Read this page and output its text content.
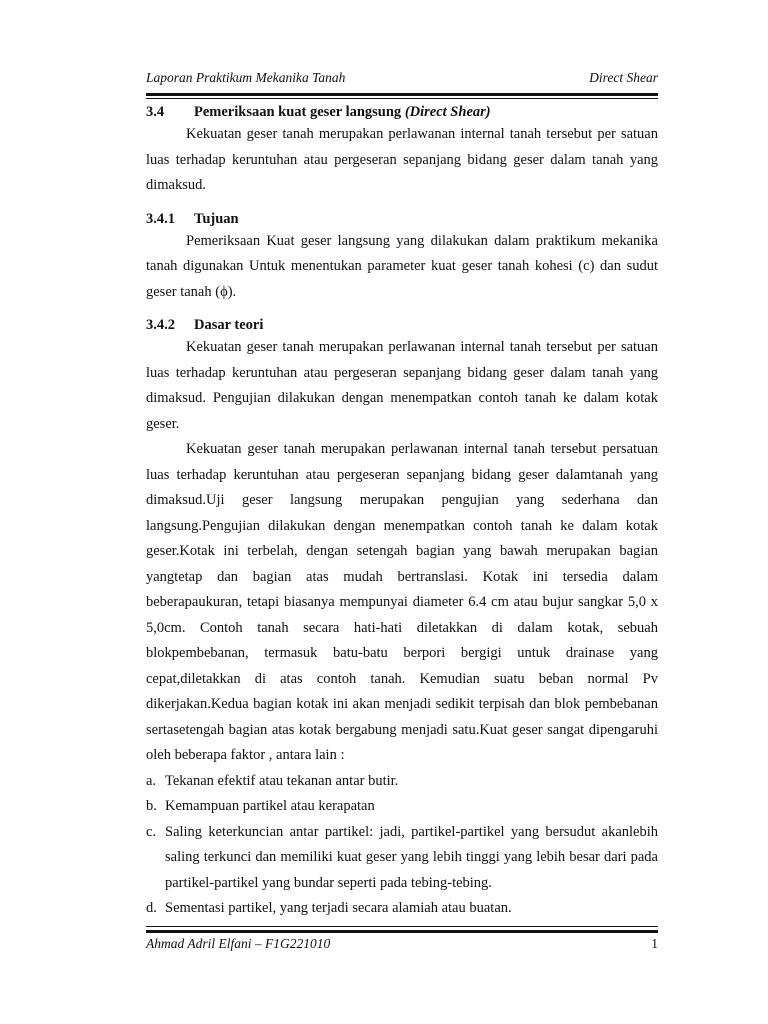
Laporan Praktikum Mekanika Tanah	Direct Shear
3.4 Pemeriksaan kuat geser langsung (Direct Shear)

Kekuatan geser tanah merupakan perlawanan internal tanah tersebut per satuan luas terhadap keruntuhan atau pergeseran sepanjang bidang geser dalam tanah yang dimaksud.

3.4.1 Tujuan

Pemeriksaan Kuat geser langsung yang dilakukan dalam praktikum mekanika tanah digunakan Untuk menentukan parameter kuat geser tanah kohesi (c) dan sudut geser tanah (ϕ).

3.4.2 Dasar teori

Kekuatan geser tanah merupakan perlawanan internal tanah tersebut per satuan luas terhadap keruntuhan atau pergeseran sepanjang bidang geser dalam tanah yang dimaksud. Pengujian dilakukan dengan menempatkan contoh tanah ke dalam kotak geser.

Kekuatan geser tanah merupakan perlawanan internal tanah tersebut persatuan luas terhadap keruntuhan atau pergeseran sepanjang bidang geser dalamtanah yang dimaksud.Uji geser langsung merupakan pengujian yang sederhana dan langsung.Pengujian dilakukan dengan menempatkan contoh tanah ke dalam kotak geser.Kotak ini terbelah, dengan setengah bagian yang bawah merupakan bagian yangtetap dan bagian atas mudah bertranslasi. Kotak ini tersedia dalam beberapaukuran, tetapi biasanya mempunyai diameter 6.4 cm atau bujur sangkar 5,0 x 5,0cm. Contoh tanah secara hati-hati diletakkan di dalam kotak, sebuah blokpembebanan, termasuk batu-batu berpori bergigi untuk drainase yang cepat,diletakkan di atas contoh tanah. Kemudian suatu beban normal Pv dikerjakan.Kedua bagian kotak ini akan menjadi sedikit terpisah dan blok pembebanan sertasetengah bagian atas kotak bergabung menjadi satu.Kuat geser sangat dipengaruhi oleh beberapa faktor , antara lain :

a. Tekanan efektif atau tekanan antar butir.
b. Kemampuan partikel atau kerapatan
c. Saling keterkuncian antar partikel: jadi, partikel-partikel yang bersudut akanlebih saling terkunci dan memiliki kuat geser yang lebih tinggi yang lebih besar dari pada partikel-partikel yang bundar seperti pada tebing-tebing.
d. Sementasi partikel, yang terjadi secara alamiah atau buatan.
Ahmad Adril Elfani – F1G221010	1
